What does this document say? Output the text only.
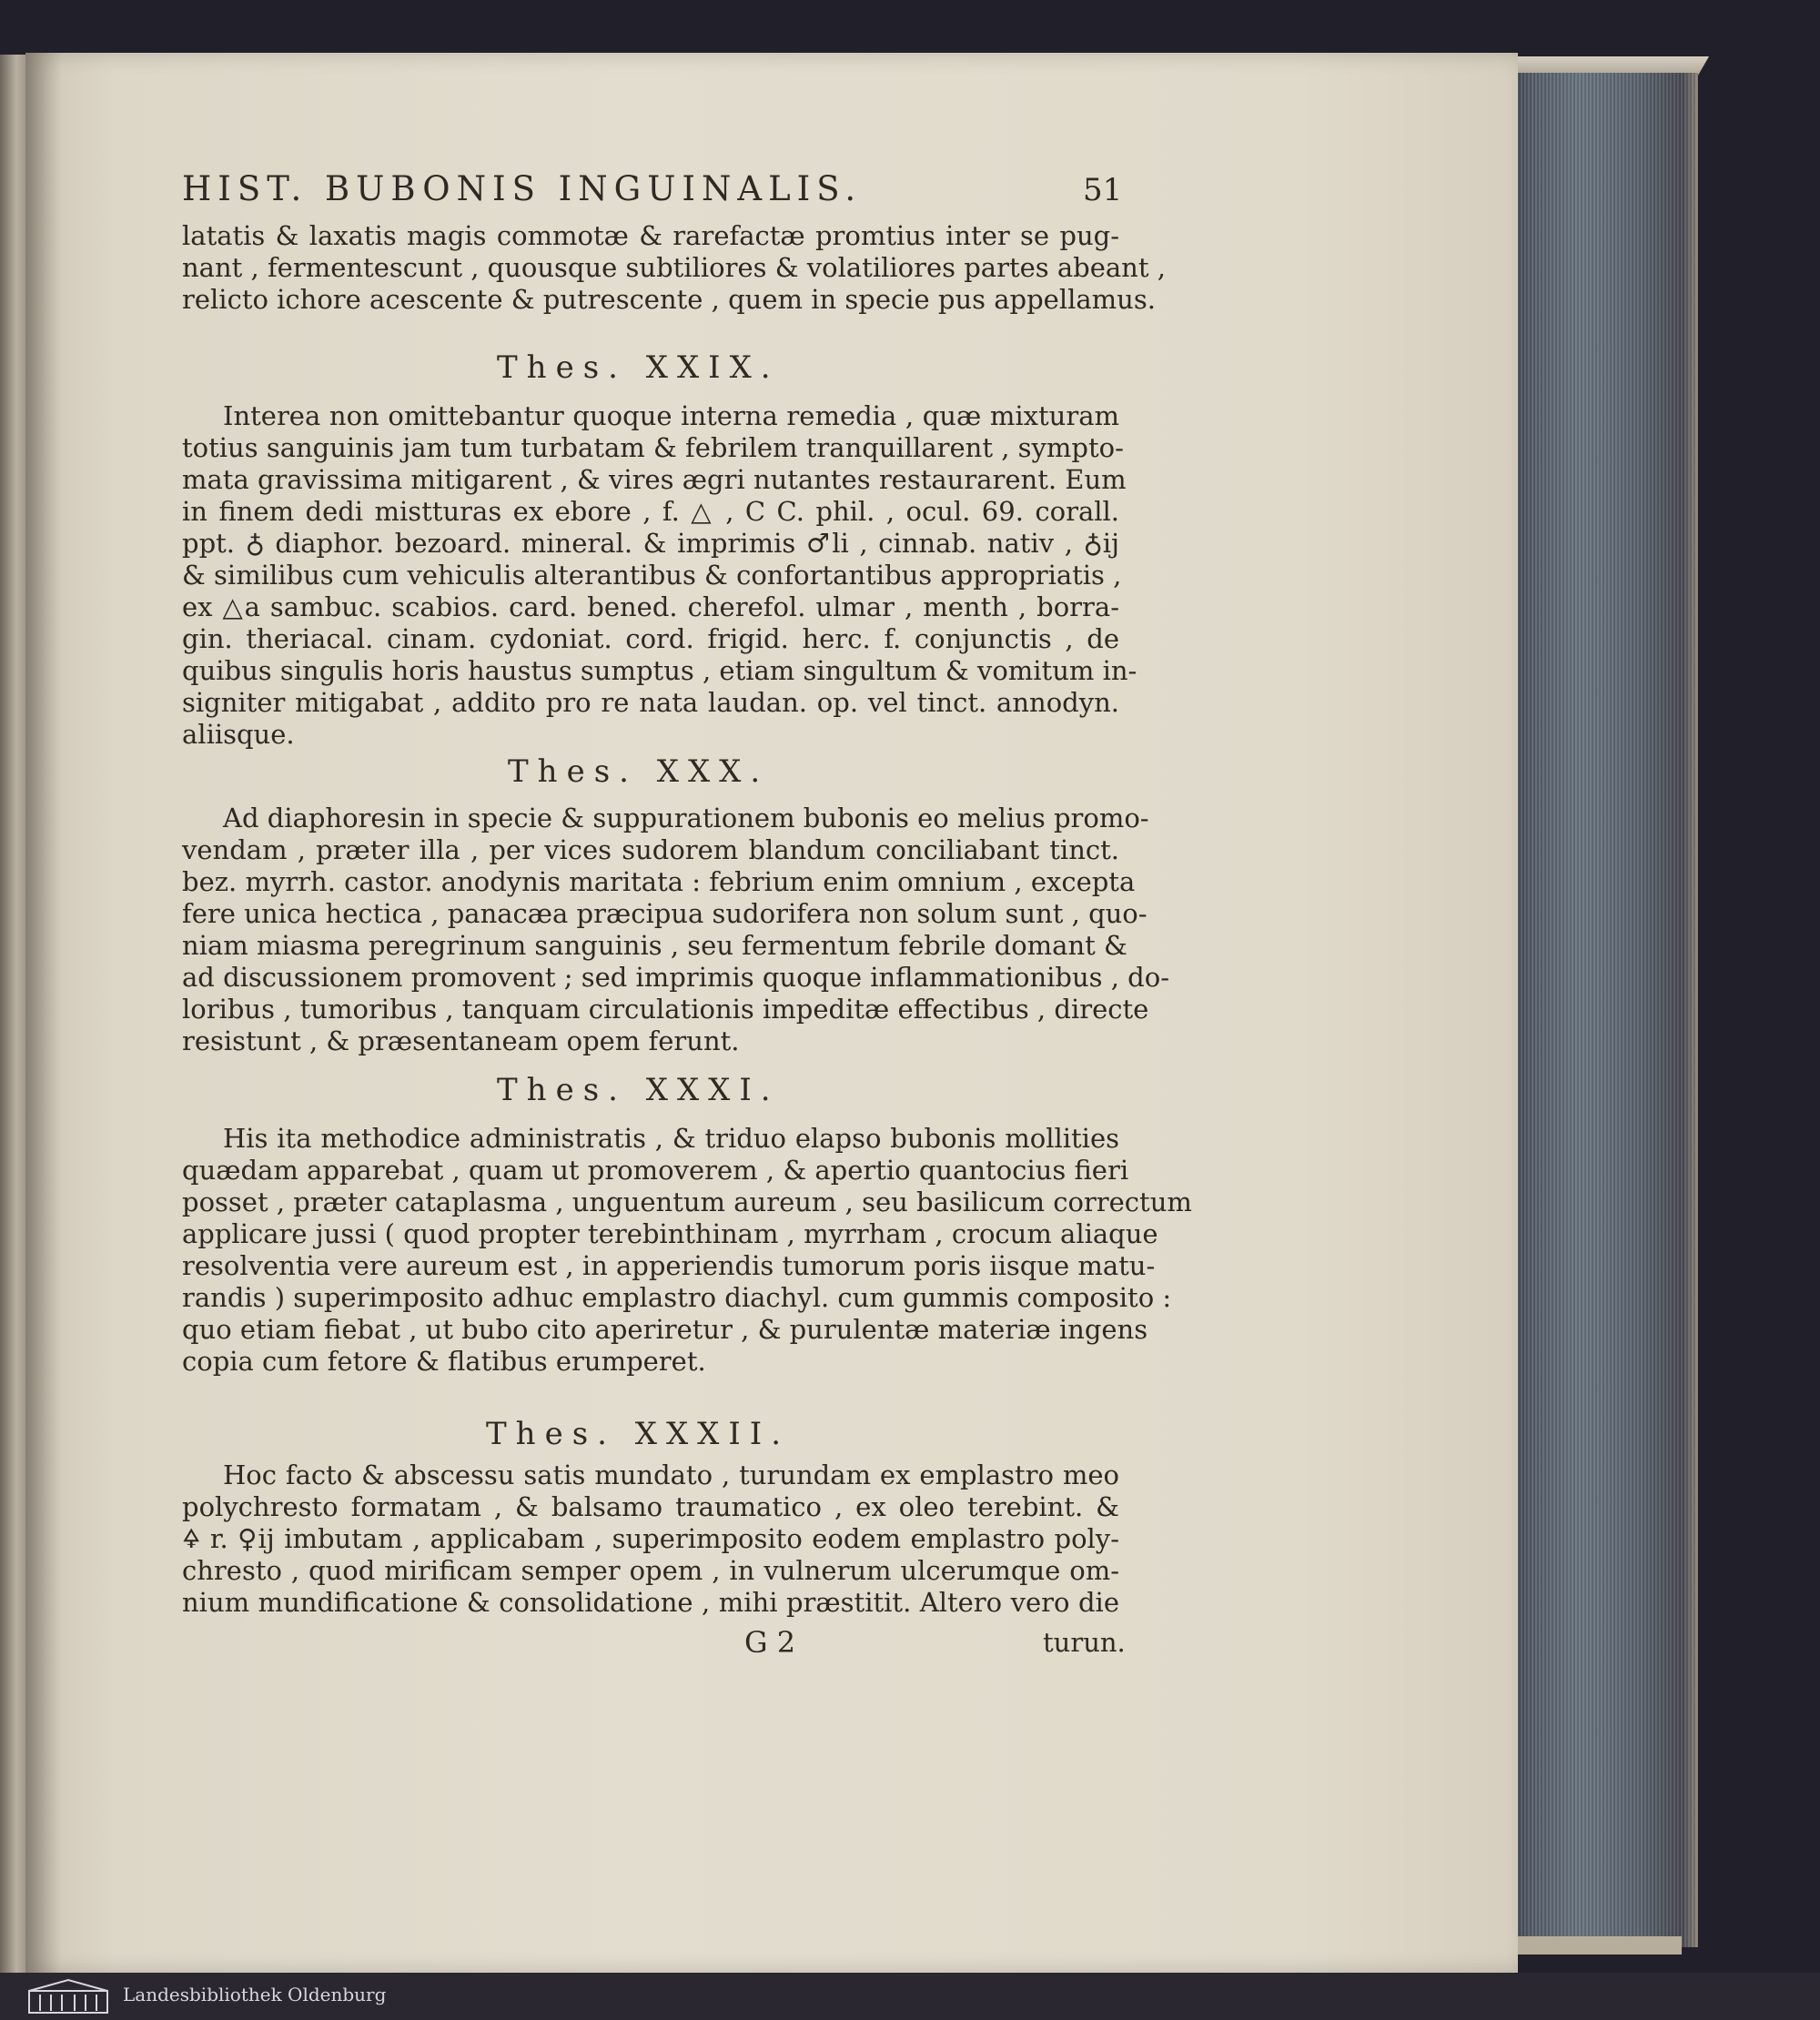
HIST. BUBONIS INGUINALIS.	51
latatis & laxatis magis commotæ & rarefactæ promtius inter se pug-
nant , fermentescunt , quousque subtiliores & volatiliores partes abeant ,
relicto ichore acescente & putrescente , quem in specie pus appellamus.
Thes. XXIX.
Interea non omittebantur quoque interna remedia , quæ mixturam
totius sanguinis jam tum turbatam & febrilem tranquillarent , sympto-
mata gravissima mitigarent , & vires ægri nutantes restaurarent. Eum
in finem dedi mistturas ex ebore , f. △ , C C. phil. , ocul. 69. corall.
ppt. ♁ diaphor. bezoard. mineral. & imprimis ♂li , cinnab. nativ , ♁ij
& similibus cum vehiculis alterantibus & confortantibus appropriatis ,
ex △a sambuc. scabios. card. bened. cherefol. ulmar , menth , borra-
gin. theriacal. cinam. cydoniat. cord. frigid. herc. f. conjunctis , de
quibus singulis horis haustus sumptus , etiam singultum & vomitum in-
signiter mitigabat , addito pro re nata laudan. op. vel tinct. annodyn.
aliisque.
Thes. XXX.
Ad diaphoresin in specie & suppurationem bubonis eo melius promo-
vendam , præter illa , per vices sudorem blandum conciliabant tinct.
bez. myrrh. castor. anodynis maritata : febrium enim omnium , excepta
fere unica hectica , panacæa præcipua sudorifera non solum sunt , quo-
niam miasma peregrinum sanguinis , seu fermentum febrile domant &
ad discussionem promovent ; sed imprimis quoque inflammationibus , do-
loribus , tumoribus , tanquam circulationis impeditæ effectibus , directe
resistunt , & præsentaneam opem ferunt.
Thes. XXXI.
His ita methodice administratis , & triduo elapso bubonis mollities
quædam apparebat , quam ut promoverem , & apertio quantocius fieri
posset , præter cataplasma , unguentum aureum , seu basilicum correctum
applicare jussi ( quod propter terebinthinam , myrrham , crocum aliaque
resolventia vere aureum est , in apperiendis tumorum poris iisque matu-
randis ) superimposito adhuc emplastro diachyl. cum gummis composito :
quo etiam fiebat , ut bubo cito aperiretur , & purulentæ materiæ ingens
copia cum fetore & flatibus erumperet.
Thes. XXXII.
Hoc facto & abscessu satis mundato , turundam ex emplastro meo
polychresto formatam , & balsamo traumatico , ex oleo terebint. &
🜍 r. ♀ij imbutam , applicabam , superimposito eodem emplastro poly-
chresto , quod mirificam semper opem , in vulnerum ulcerumque om-
nium mundificatione & consolidatione , mihi præstitit. Altero vero die
G 2	turun.
Landesbibliothek Oldenburg
